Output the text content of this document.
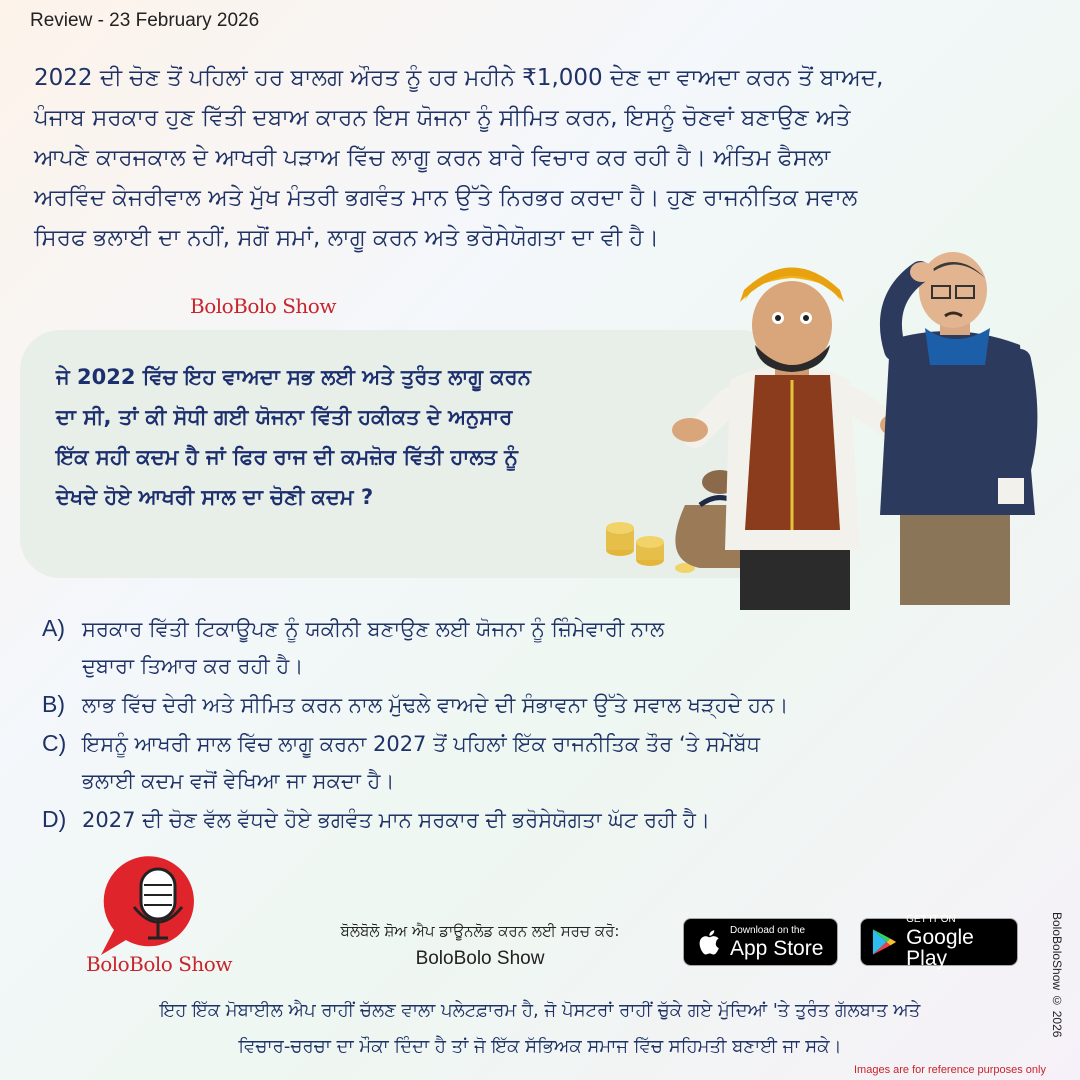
Review - 23 February 2026
2022 ਦੀ ਚੋਣ ਤੋਂ ਪਹਿਲਾਂ ਹਰ ਬਾਲਗ ਔਰਤ ਨੂੰ ਹਰ ਮਹੀਨੇ ₹1,000 ਦੇਣ ਦਾ ਵਾਅਦਾ ਕਰਨ ਤੋਂ ਬਾਅਦ,
ਪੰਜਾਬ ਸਰਕਾਰ ਹੁਣ ਵਿੱਤੀ ਦਬਾਅ ਕਾਰਨ ਇਸ ਯੋਜਨਾ ਨੂੰ ਸੀਮਿਤ ਕਰਨ, ਇਸਨੂੰ ਚੋਣਵਾਂ ਬਣਾਉਣ ਅਤੇ
ਆਪਣੇ ਕਾਰਜਕਾਲ ਦੇ ਆਖਰੀ ਪੜਾਅ ਵਿੱਚ ਲਾਗੂ ਕਰਨ ਬਾਰੇ ਵਿਚਾਰ ਕਰ ਰਹੀ ਹੈ। ਅੰਤਿਮ ਫੈਸਲਾ
ਅਰਵਿੰਦ ਕੇਜਰੀਵਾਲ ਅਤੇ ਮੁੱਖ ਮੰਤਰੀ ਭਗਵੰਤ ਮਾਨ ਉੱਤੇ ਨਿਰਭਰ ਕਰਦਾ ਹੈ। ਹੁਣ ਰਾਜਨੀਤਿਕ ਸਵਾਲ
ਸਿਰਫ ਭਲਾਈ ਦਾ ਨਹੀਂ, ਸਗੋਂ ਸਮਾਂ, ਲਾਗੂ ਕਰਨ ਅਤੇ ਭਰੋਸੇਯੋਗਤਾ ਦਾ ਵੀ ਹੈ।
BoloBolo Show
ਜੇ 2022 ਵਿੱਚ ਇਹ ਵਾਅਦਾ ਸਭ ਲਈ ਅਤੇ ਤੁਰੰਤ ਲਾਗੂ ਕਰਨ
ਦਾ ਸੀ, ਤਾਂ ਕੀ ਸੋਧੀ ਗਈ ਯੋਜਨਾ ਵਿੱਤੀ ਹਕੀਕਤ ਦੇ ਅਨੁਸਾਰ
ਇੱਕ ਸਹੀ ਕਦਮ ਹੈ ਜਾਂ ਫਿਰ ਰਾਜ ਦੀ ਕਮਜ਼ੋਰ ਵਿੱਤੀ ਹਾਲਤ ਨੂੰ
ਦੇਖਦੇ ਹੋਏ ਆਖਰੀ ਸਾਲ ਦਾ ਚੋਣੀ ਕਦਮ ?
A) ਸਰਕਾਰ ਵਿੱਤੀ ਟਿਕਾਊਪਣ ਨੂੰ ਯਕੀਨੀ ਬਣਾਉਣ ਲਈ ਯੋਜਨਾ ਨੂੰ ਜ਼ਿੰਮੇਵਾਰੀ ਨਾਲ
ਦੁਬਾਰਾ ਤਿਆਰ ਕਰ ਰਹੀ ਹੈ।
B) ਲਾਭ ਵਿੱਚ ਦੇਰੀ ਅਤੇ ਸੀਮਿਤ ਕਰਨ ਨਾਲ ਮੁੱਢਲੇ ਵਾਅਦੇ ਦੀ ਸੰਭਾਵਨਾ ਉੱਤੇ ਸਵਾਲ ਖੜ੍ਹਦੇ ਹਨ।
C) ਇਸਨੂੰ ਆਖਰੀ ਸਾਲ ਵਿੱਚ ਲਾਗੂ ਕਰਨਾ 2027 ਤੋਂ ਪਹਿਲਾਂ ਇੱਕ ਰਾਜਨੀਤਿਕ ਤੌਰ ‘ਤੇ ਸਮੇਂਬੱਧ
ਭਲਾਈ ਕਦਮ ਵਜੋਂ ਵੇਖਿਆ ਜਾ ਸਕਦਾ ਹੈ।
D) 2027 ਦੀ ਚੋਣ ਵੱਲ ਵੱਧਦੇ ਹੋਏ ਭਗਵੰਤ ਮਾਨ ਸਰਕਾਰ ਦੀ ਭਰੋਸੇਯੋਗਤਾ ਘੱਟ ਰਹੀ ਹੈ।
BoloBolo Show
ਬੋਲੋਬੋਲੋ ਸ਼ੋਅ ਐਪ ਡਾਊਨਲੋਡ ਕਰਨ ਲਈ ਸਰਚ ਕਰੋ:
BoloBolo Show
Download on the
App Store
GET IT ON
Google Play
ਇਹ ਇੱਕ ਮੋਬਾਈਲ ਐਪ ਰਾਹੀਂ ਚੱਲਣ ਵਾਲਾ ਪਲੇਟਫ਼ਾਰਮ ਹੈ, ਜੋ ਪੋਸਟਰਾਂ ਰਾਹੀਂ ਚੁੱਕੇ ਗਏ ਮੁੱਦਿਆਂ 'ਤੇ ਤੁਰੰਤ ਗੱਲਬਾਤ ਅਤੇ
ਵਿਚਾਰ-ਚਰਚਾ ਦਾ ਮੌਕਾ ਦਿੰਦਾ ਹੈ ਤਾਂ ਜੋ ਇੱਕ ਸੱਭਿਅਕ ਸਮਾਜ ਵਿੱਚ ਸਹਿਮਤੀ ਬਣਾਈ ਜਾ ਸਕੇ।
BoloBoloShow © 2026
Images are for reference purposes only
